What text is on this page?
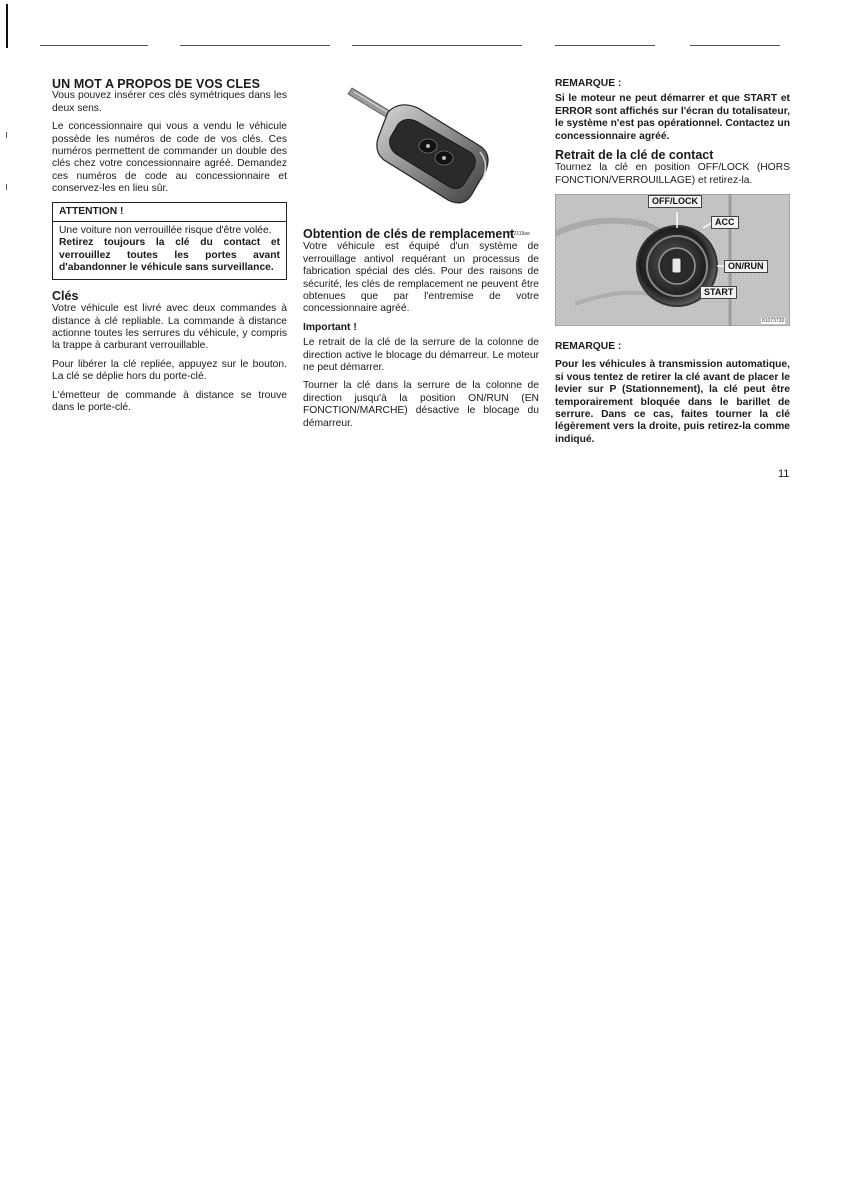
UN MOT A PROPOS DE VOS CLES

Vous pouvez insérer ces clés symétriques dans les deux sens.

Le concessionnaire qui vous a vendu le véhicule possède les numéros de code de vos clés. Ces numéros permettent de commander un double des clés chez votre concessionnaire agréé. Demandez ces numéros de code au concessionnaire et conservez-les en lieu sûr.

ATTENTION !
Une voiture non verrouillée risque d'être volée.
Retirez toujours la clé du contact et verrouillez toutes les portes avant d'abandonner le véhicule sans surveillance.
Clés

Votre véhicule est livré avec deux commandes à distance à clé repliable. La commande à distance actionne toutes les serrures du véhicule, y compris la trappe à carburant verrouillable.

Pour libérer la clé repliée, appuyez sur le bouton. La clé se déplie hors du porte-clé.

L'émetteur de commande à distance se trouve dans le porte-clé.

812119ee
Obtention de clés de remplacement

Votre véhicule est équipé d'un système de verrouillage antivol requérant un processus de fabrication spécial des clés. Pour des raisons de sécurité, les clés de remplacement ne peuvent être obtenues que par l'entremise de votre concessionnaire agréé.

Important !

Le retrait de la clé de la serrure de la colonne de direction active le blocage du démarreur. Le moteur ne peut démarrer.

Tourner la clé dans la serrure de la colonne de direction jusqu'à la position ON/RUN (EN FONCTION/MARCHE) désactive le blocage du démarreur.

REMARQUE :

Si le moteur ne peut démarrer et que START et ERROR sont affichés sur l'écran du totalisateur, le système n'est pas opérationnel. Contactez un concessionnaire agréé.

Retrait de la clé de contact

Tournez la clé en position OFF/LOCK (HORS FONCTION/VERROUILLAGE) et retirez-la.

OFF/LOCK
ACC
ON/RUN
START
81073730
REMARQUE :

Pour les véhicules à transmission automatique, si vous tentez de retirer la clé avant de placer le levier sur P (Stationnement), la clé peut être temporairement bloquée dans le barillet de serrure. Dans ce cas, faites tourner la clé légèrement vers la droite, puis retirez-la comme indiqué.

11
